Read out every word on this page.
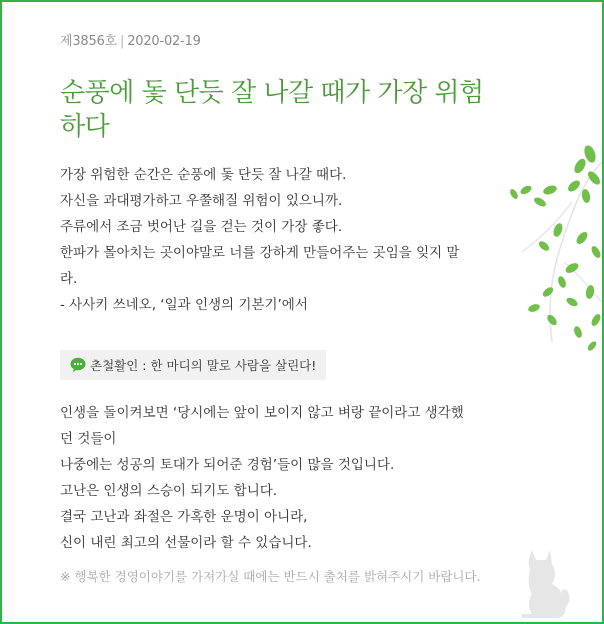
제3856호 | 2020-02-19
순풍에 돛 단듯 잘 나갈 때가 가장 위험하다
가장 위험한 순간은 순풍에 돛 단듯 잘 나갈 때다.
자신을 과대평가하고 우쭐해질 위험이 있으니까.
주류에서 조금 벗어난 길을 걷는 것이 가장 좋다.
한파가 몰아치는 곳이야말로 너를 강하게 만들어주는 곳임을 잊지 말
라.
- 사사키 쓰네오, ‘일과 인생의 기본기’에서
촌철활인 : 한 마디의 말로 사람을 살린다!
인생을 돌이켜보면 ‘당시에는 앞이 보이지 않고 벼랑 끝이라고 생각했
던 것들이
나중에는 성공의 토대가 되어준 경험’들이 많을 것입니다.
고난은 인생의 스승이 되기도 합니다.
결국 고난과 좌절은 가혹한 운명이 아니라,
신이 내린 최고의 선물이라 할 수 있습니다.
※ 행복한 경영이야기를 가져가실 때에는 반드시 출처를 밝혀주시기 바랍니다.
